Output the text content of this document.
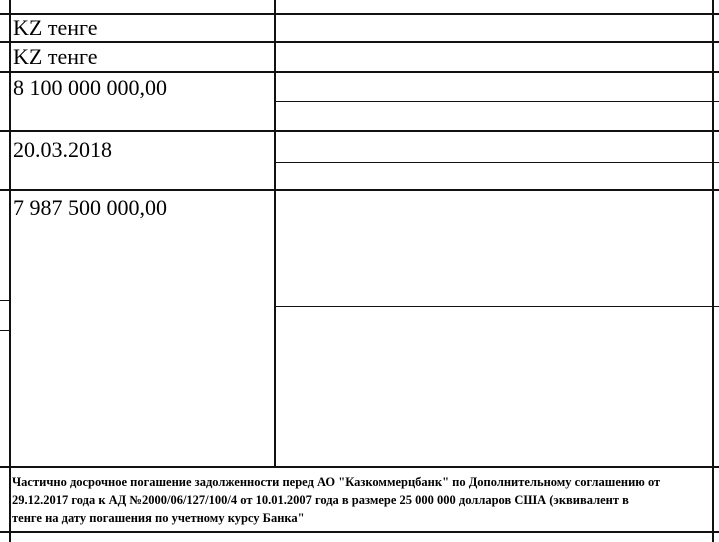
KZ тенге
KZ тенге
8 100 000 000,00
20.03.2018
7 987 500 000,00
Частично досрочное погашение задолженности перед АО "Казкоммерцбанк" по Дополнительному соглашению от
29.12.2017 года к АД №2000/06/127/100/4 от 10.01.2007 года в размере 25 000 000 долларов США (эквивалент в
тенге на дату погашения по учетному курсу Банка"
